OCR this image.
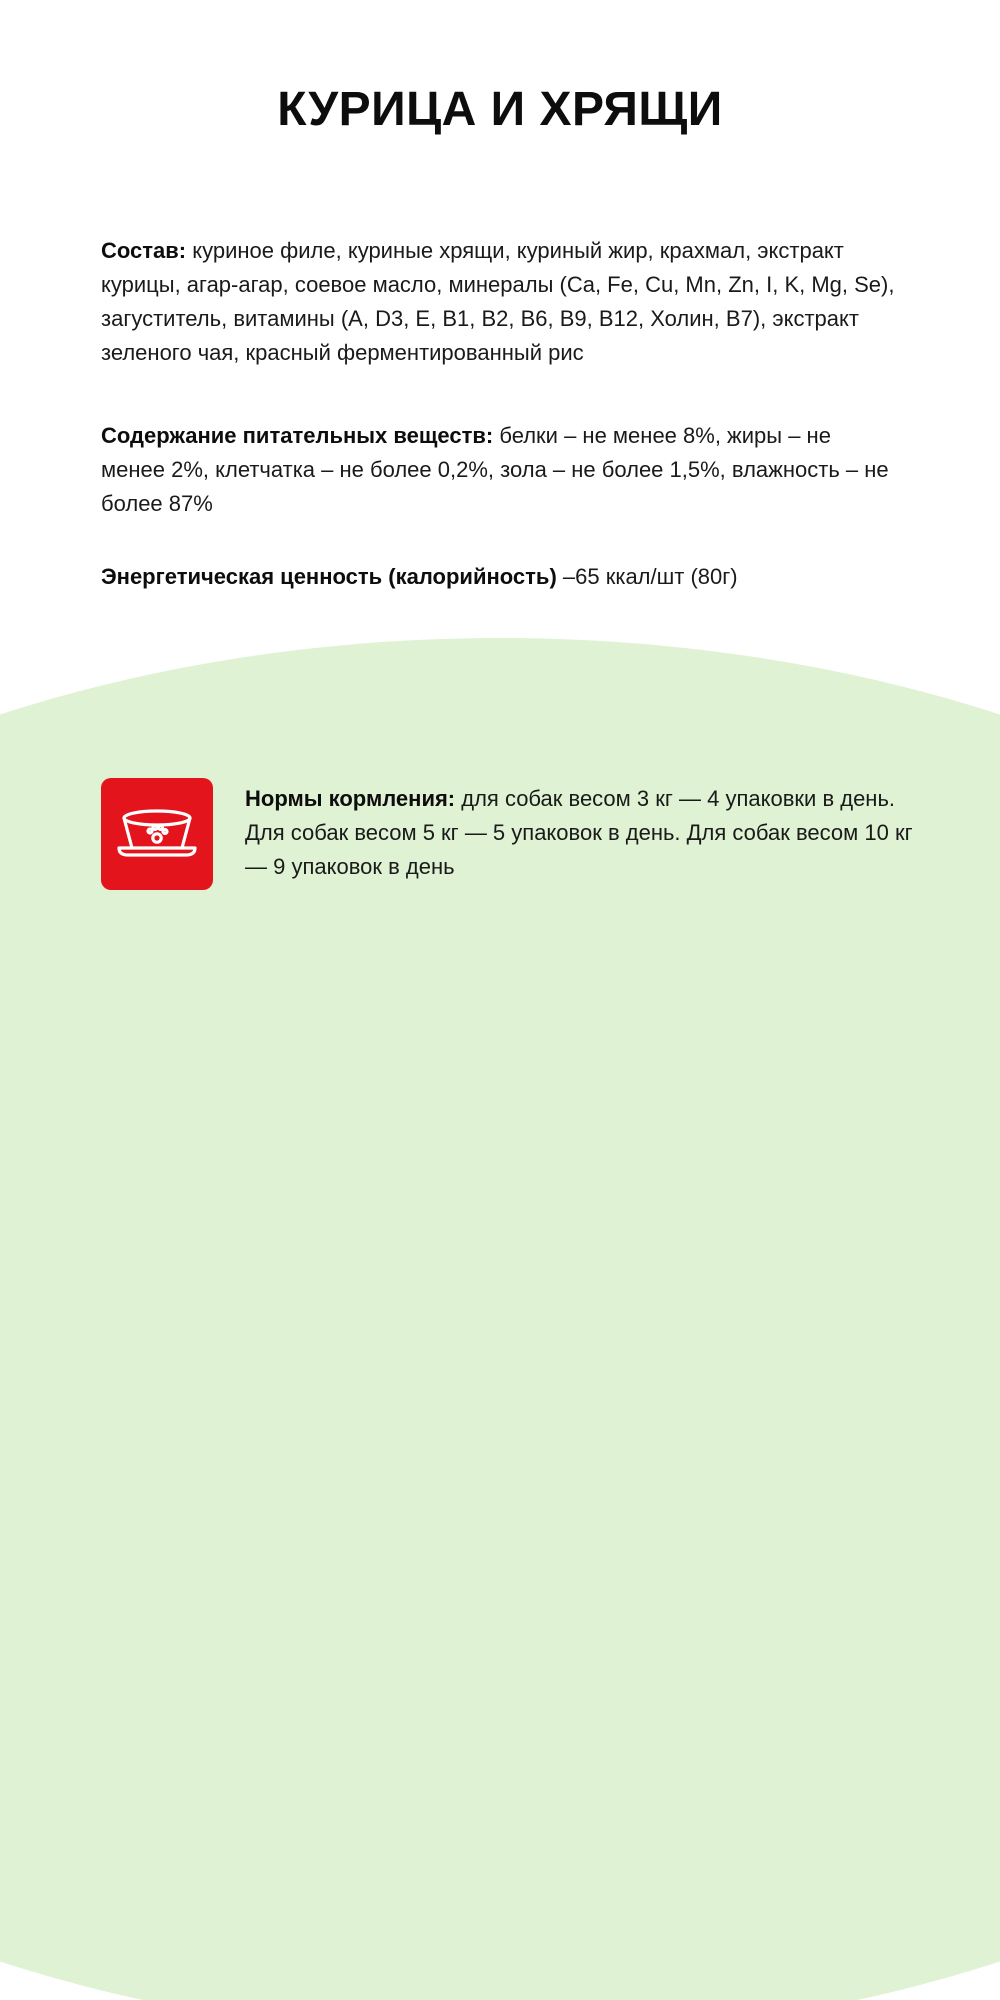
КУРИЦА И ХРЯЩИ

Состав: куриное филе, куриные хрящи, куриный жир, крахмал, экстракт курицы, агар-агар, соевое масло, минералы (Ca, Fe, Cu, Mn, Zn, I, K, Mg, Se), загуститель, витамины (A, D3, E, B1, B2, B6, B9, B12, Холин, B7), экстракт зеленого чая, красный ферментированный рис

Содержание питательных веществ: белки – не менее 8%, жиры – не менее 2%, клетчатка – не более 0,2%, зола – не более 1,5%, влажность – не более 87%

Энергетическая ценность (калорийность) –65 ккал/шт (80г)

Нормы кормления: для собак весом 3 кг — 4 упаковки в день. Для собак весом 5 кг — 5 упаковок в день. Для собак весом 10 кг — 9 упаковок в день
